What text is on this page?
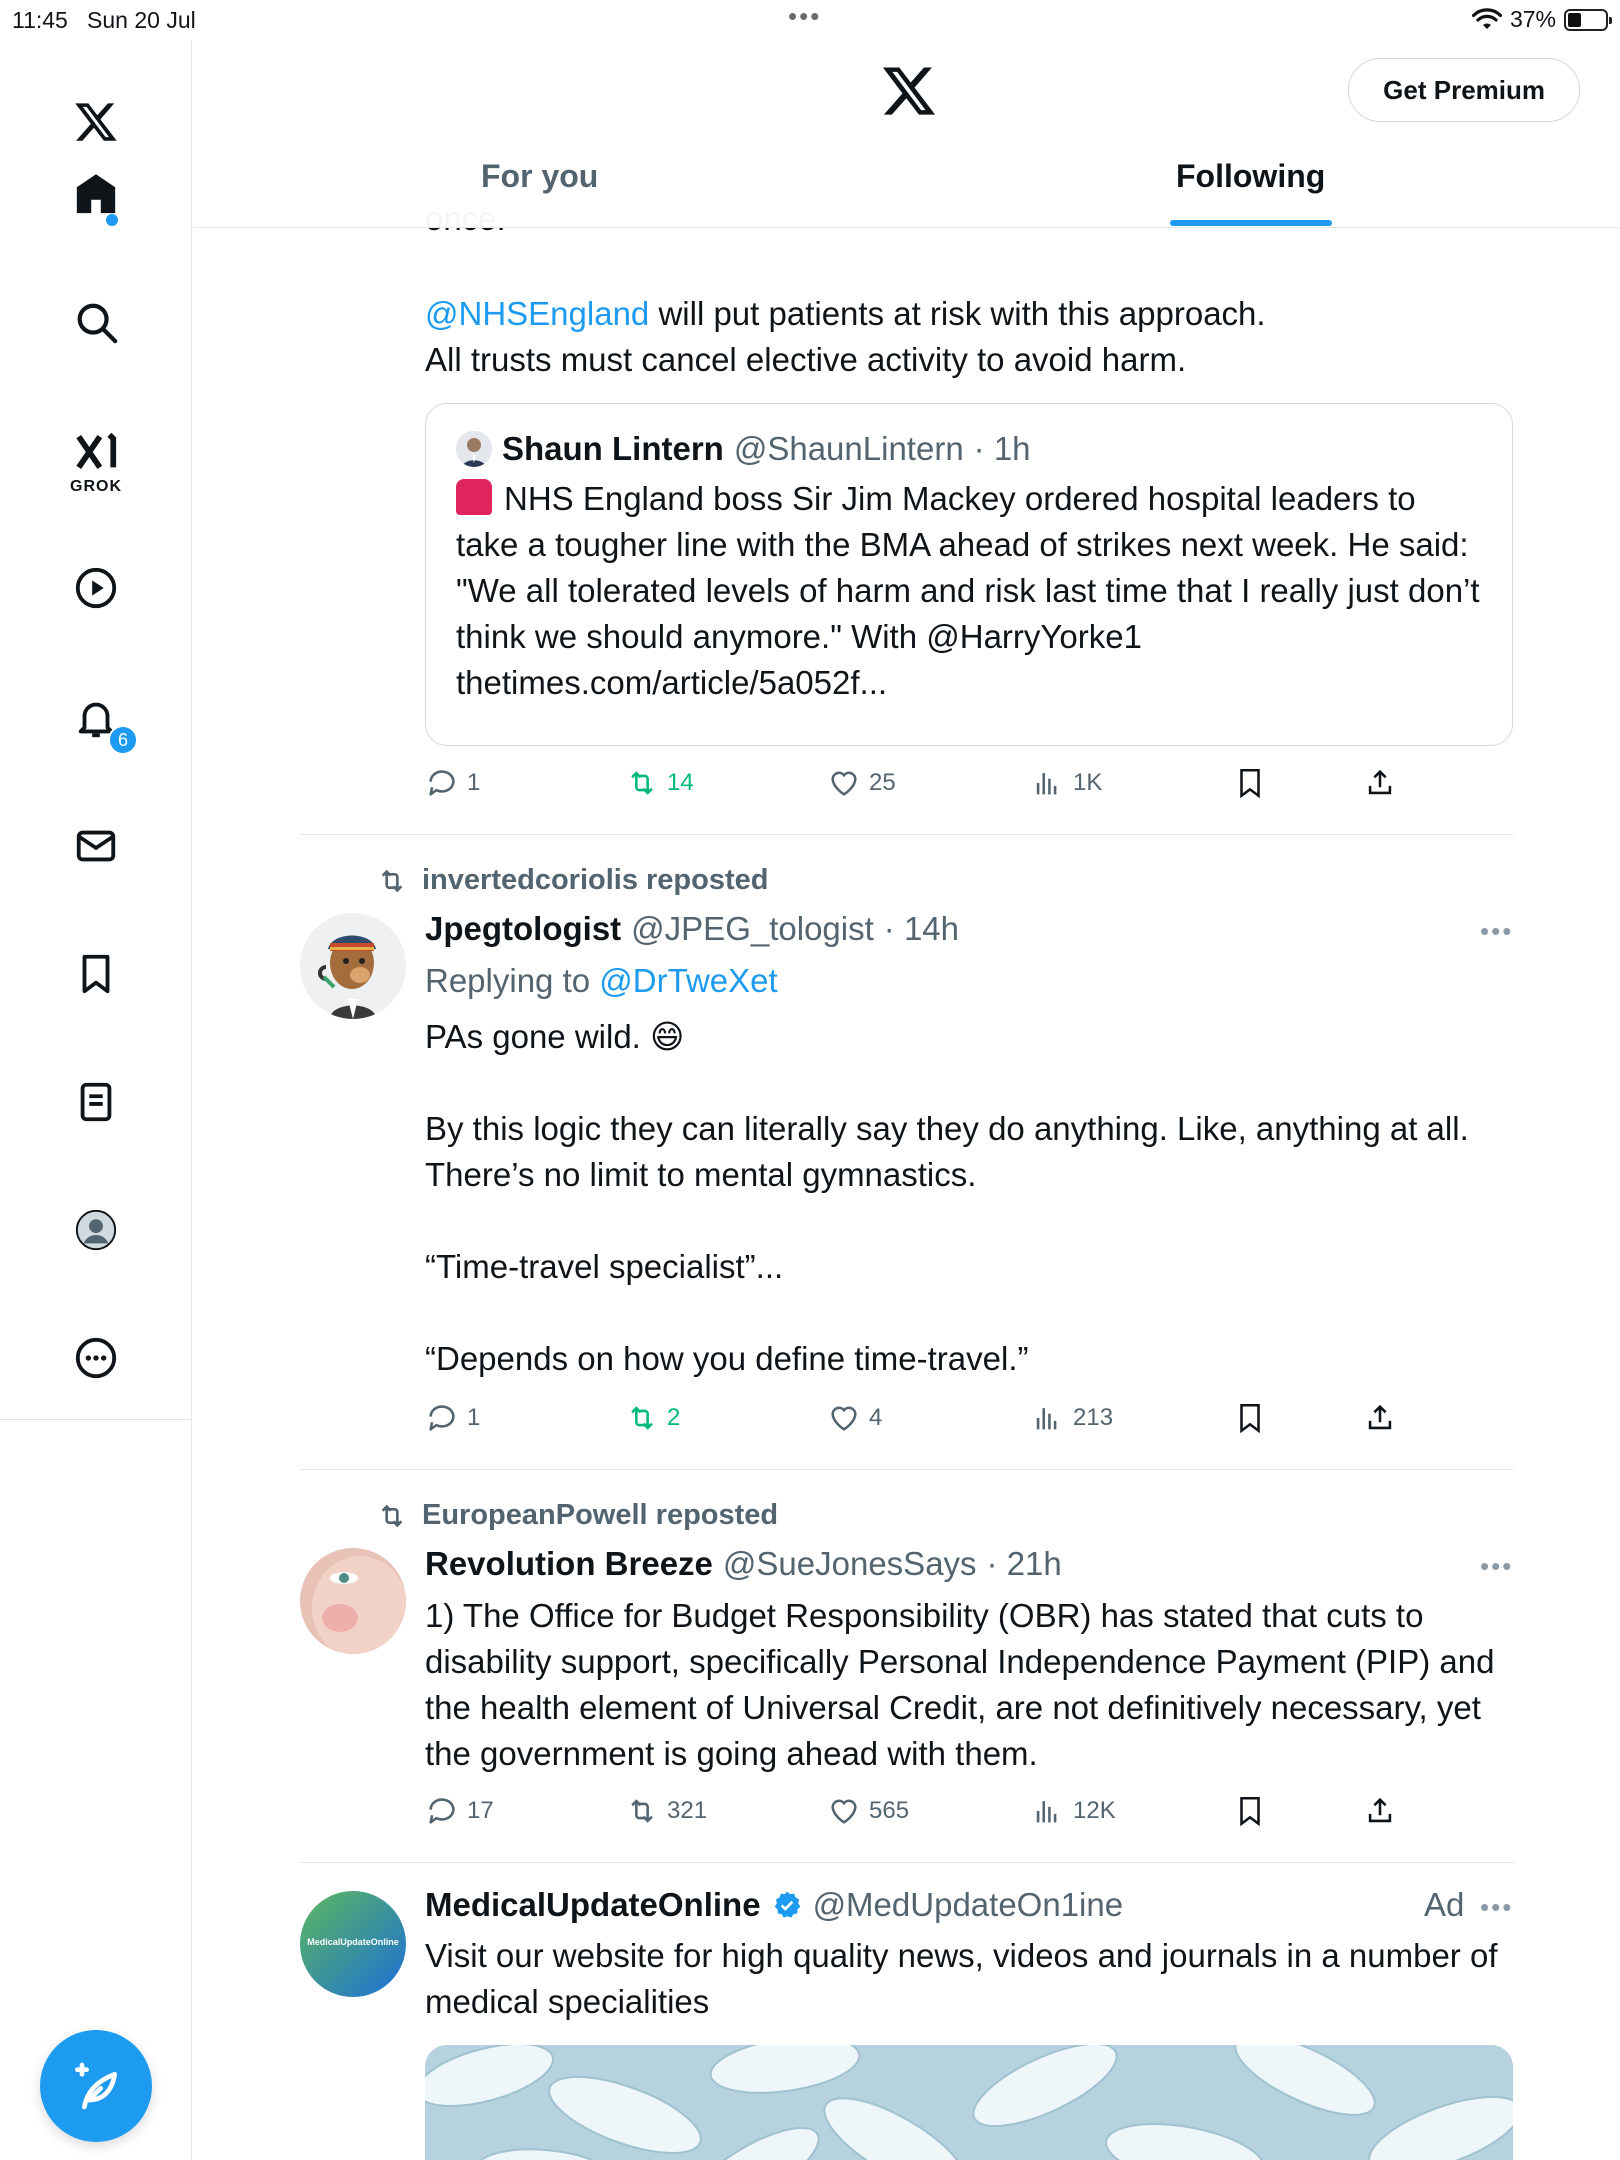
11:45 Sun 20 Jul	•••	37%
GROK
6
Get Premium
For you	Following
@NHSEngland will put patients at risk with this approach.
All trusts must cancel elective activity to avoid harm.
Shaun Lintern @ShaunLintern · 1h
NHS England boss Sir Jim Mackey ordered hospital leaders to take a tougher line with the BMA ahead of strikes next week. He said: "We all tolerated levels of harm and risk last time that I really just don’t think we should anymore." With @HarryYorke1 thetimes.com/article/5a052f...
1	14	25	1K
invertedcoriolis reposted
Jpegtologist @JPEG_tologist · 14h	•••
Replying to @DrTweXet
PAs gone wild. 😄
By this logic they can literally say they do anything. Like, anything at all. There’s no limit to mental gymnastics.
“Time-travel specialist”...
“Depends on how you define time-travel.”
1	2	4	213
EuropeanPowell reposted
Revolution Breeze @SueJonesSays · 21h	•••
1) The Office for Budget Responsibility (OBR) has stated that cuts to disability support, specifically Personal Independence Payment (PIP) and the health element of Universal Credit, are not definitively necessary, yet the government is going ahead with them.
17	321	565	12K
MedicalUpdateOnline
MedicalUpdateOnline @MedUpdateOn1ine	Ad •••
Visit our website for high quality news, videos and journals in a number of medical specialities
